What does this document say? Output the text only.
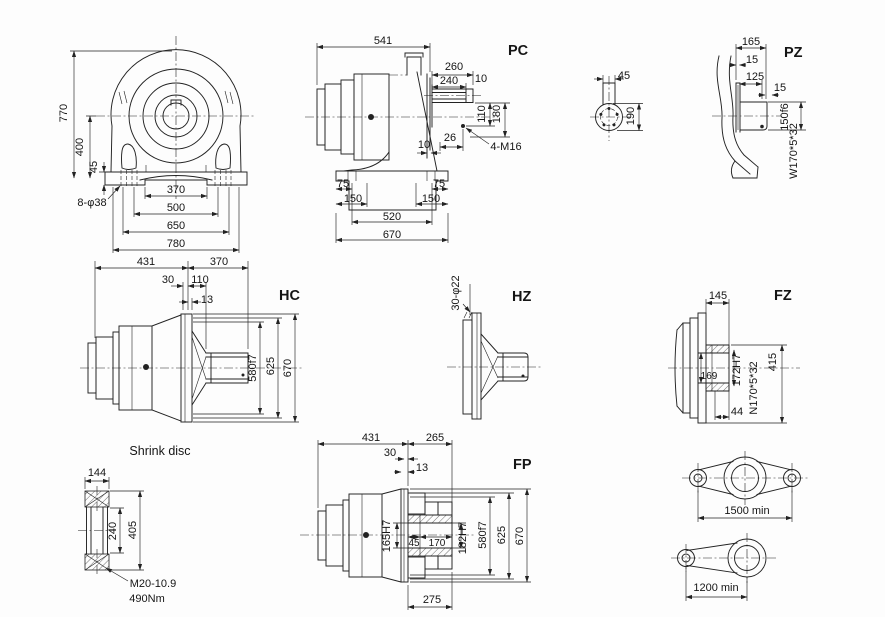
770
400
45
370
500
650
780
8-φ38
PC
541
260
240 10
110 180
26
4-M16
10
75	75
150	150
520
670
45
190
PZ
165
15
125
15
150f6
W170*5*32
HC
431	370
30 110
13
580f7 625 670
HZ
30-φ22	FZ
145
169 172H7 N170*5*32
44
415
Shrink disc
144
240 405
M20-10.9
490Nm
FP
431	265
30
13
165H7 45 170 182H7 580f7 625 670
275
1500 min
1200 min
